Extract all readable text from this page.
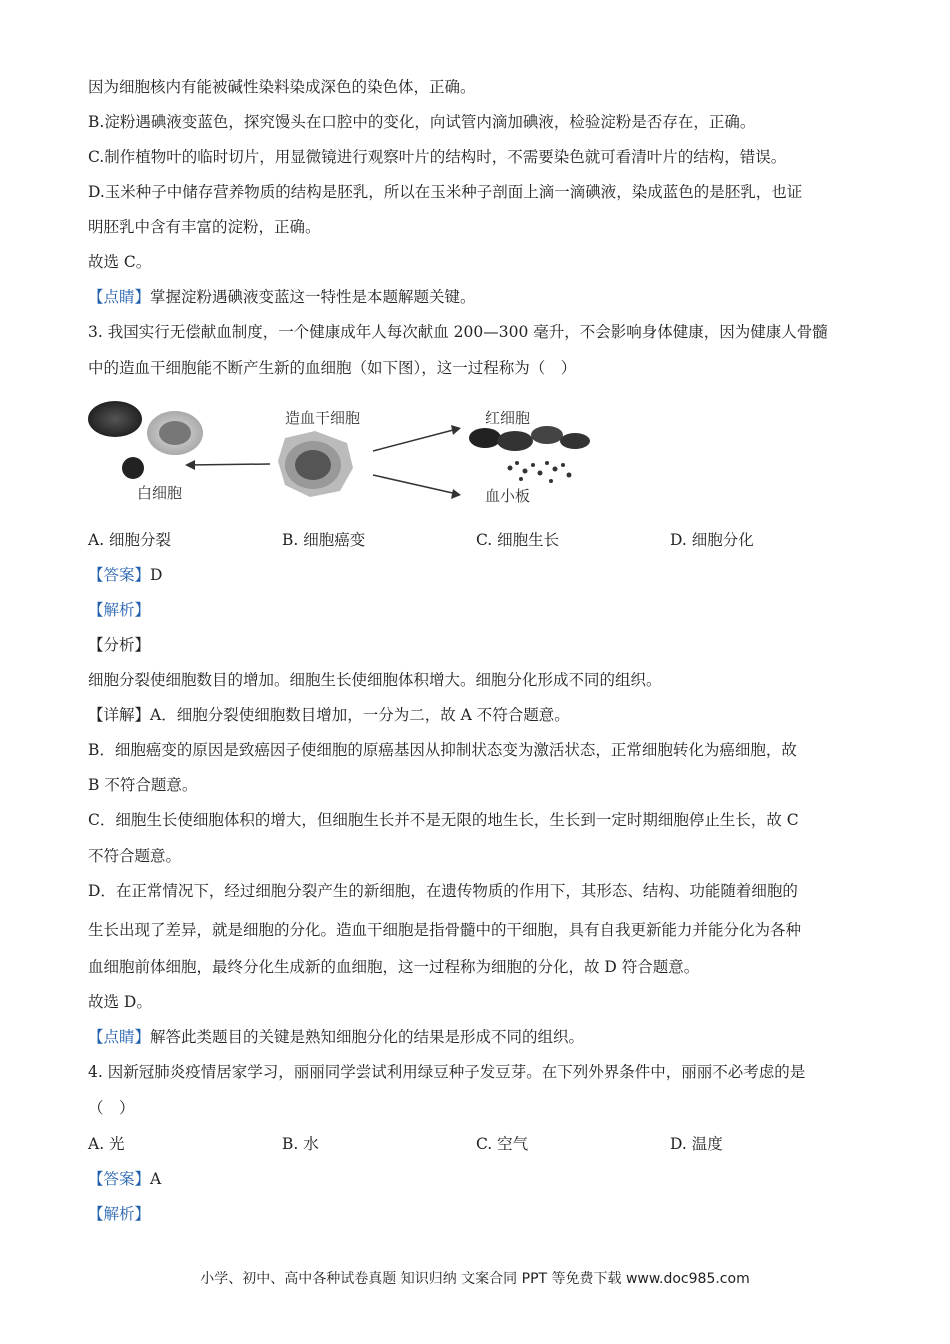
因为细胞核内有能被碱性染料染成深色的染色体，正确。
B.淀粉遇碘液变蓝色，探究馒头在口腔中的变化，向试管内滴加碘液，检验淀粉是否存在，正确。
C.制作植物叶的临时切片，用显微镜进行观察叶片的结构时，不需要染色就可看清叶片的结构，错误。
D.玉米种子中储存营养物质的结构是胚乳，所以在玉米种子剖面上滴一滴碘液，染成蓝色的是胚乳，也证
明胚乳中含有丰富的淀粉，正确。
故选 C。
【点睛】掌握淀粉遇碘液变蓝这一特性是本题解题关键。
3. 我国实行无偿献血制度，一个健康成年人每次献血 200—300 毫升，不会影响身体健康，因为健康人骨髓
中的造血干细胞能不断产生新的血细胞（如下图），这一过程称为（　）
白细胞
造血干细胞	红细胞
血小板
A. 细胞分裂	B. 细胞癌变	C. 细胞生长	D. 细胞分化
【答案】D
【解析】
【分析】
细胞分裂使细胞数目的增加。细胞生长使细胞体积增大。细胞分化形成不同的组织。
【详解】A．细胞分裂使细胞数目增加，一分为二，故 A 不符合题意。
B．细胞癌变的原因是致癌因子使细胞的原癌基因从抑制状态变为激活状态，正常细胞转化为癌细胞，故
B 不符合题意。
C．细胞生长使细胞体积的增大，但细胞生长并不是无限的地生长，生长到一定时期细胞停止生长，故 C
不符合题意。
D．在正常情况下，经过细胞分裂产生的新细胞，在遗传物质的作用下，其形态、结构、功能随着细胞的
生长出现了差异，就是细胞的分化。造血干细胞是指骨髓中的干细胞，具有自我更新能力并能分化为各种
血细胞前体细胞，最终分化生成新的血细胞，这一过程称为细胞的分化，故 D 符合题意。
故选 D。
【点睛】解答此类题目的关键是熟知细胞分化的结果是形成不同的组织。
4. 因新冠肺炎疫情居家学习，丽丽同学尝试利用绿豆种子发豆芽。在下列外界条件中，丽丽不必考虑的是
（　）
A. 光	B. 水	C. 空气	D. 温度
【答案】A
【解析】
小学、初中、高中各种试卷真题 知识归纳 文案合同 PPT 等免费下载 www.doc985.com
